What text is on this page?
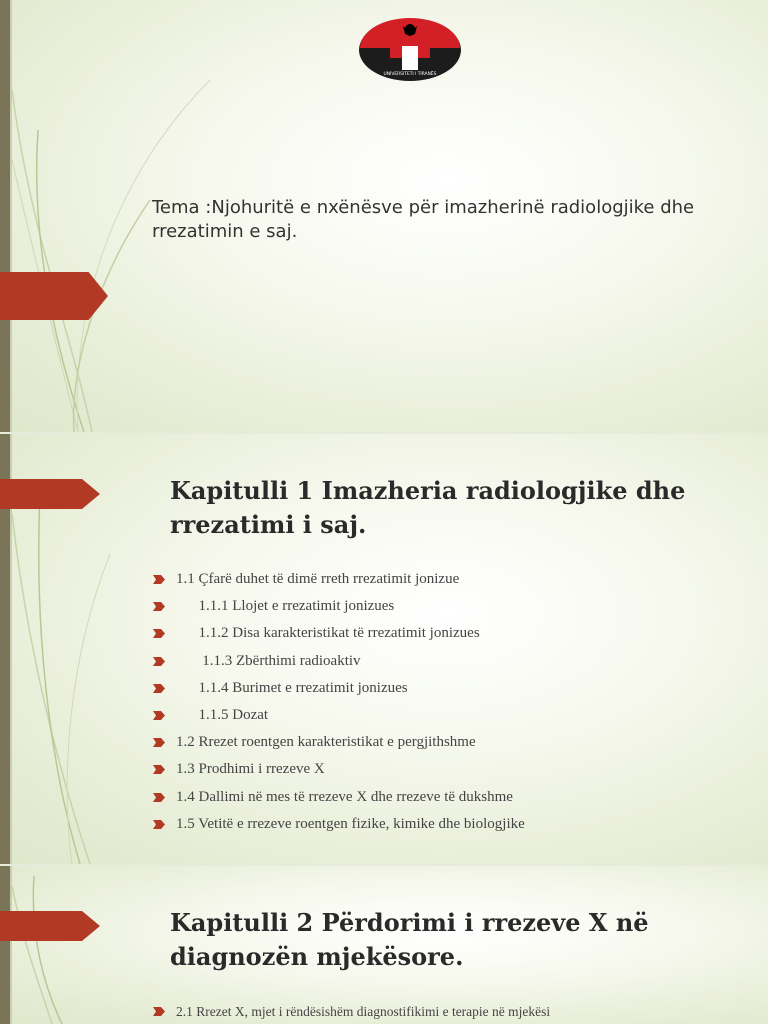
UNIVERSITETI I TIRANËS

Tema :Njohuritë e nxënësve për imazherinë radiologjike dhe rrezatimin e saj.

Kapitulli 1 Imazheria radiologjike dhe rrezatimi i saj.
1.1 Çfarë duhet të dimë rreth rrezatimit jonizue
1.1.1 Llojet e rrezatimit jonizues
1.1.2 Disa karakteristikat të rrezatimit jonizues
1.1.3 Zbërthimi radioaktiv
1.1.4 Burimet e rrezatimit jonizues
1.1.5 Dozat
1.2 Rrezet roentgen karakteristikat e pergjithshme
1.3 Prodhimi i rrezeve X
1.4 Dallimi në mes të rrezeve X dhe rrezeve të dukshme
1.5 Vetitë e rrezeve roentgen fizike, kimike dhe biologjike
Kapitulli 2 Përdorimi i rrezeve X në diagnozën mjekësore.
2.1 Rrezet X, mjet i rëndësishëm diagnostifikimi e terapie në mjekësi
